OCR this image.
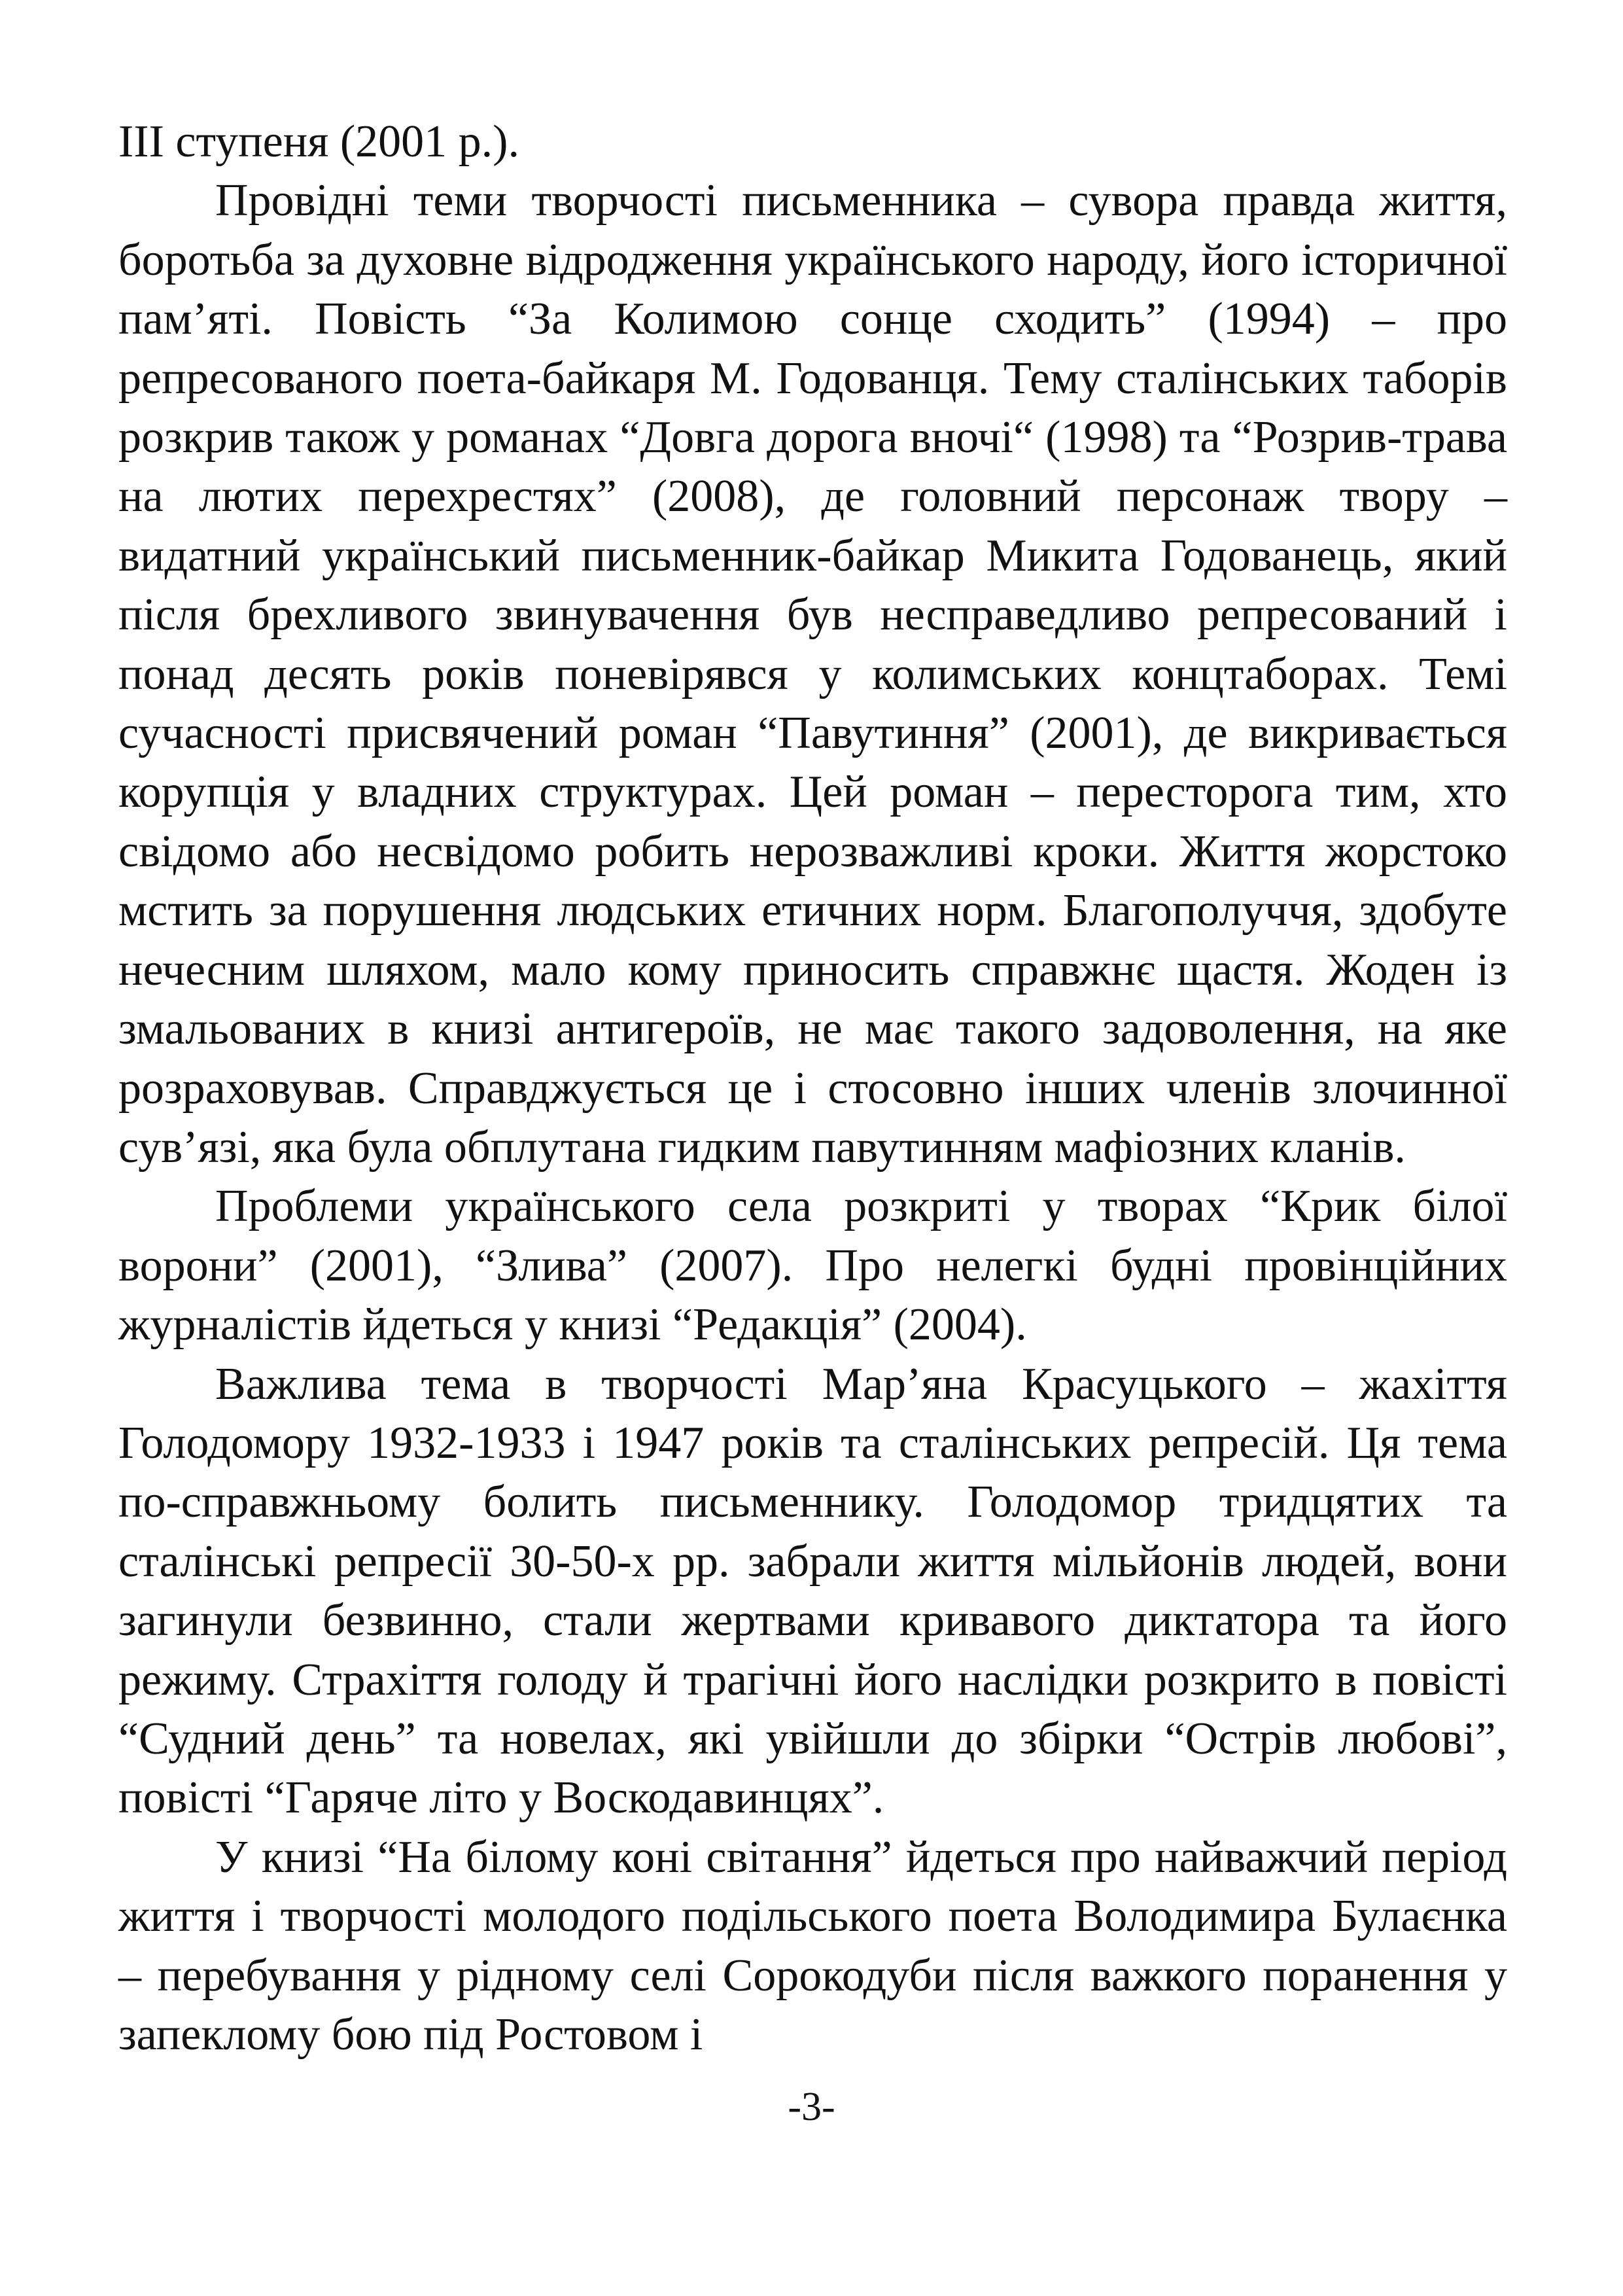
ІІІ ступеня (2001 р.).

Провідні теми творчості письменника – сувора правда життя, боротьба за духовне відродження українського народу, його історичної пам’яті. Повість “За Колимою сонце сходить” (1994) – про репресованого поета-байкаря М. Годованця. Тему сталінських таборів розкрив також у романах “Довга дорога вночі“ (1998) та “Розрив-трава на лютих перехрестях” (2008), де головний персонаж твору – видатний український письменник-байкар Микита Годованець, який після брехливого звинувачення був несправедливо репресований і понад десять років поневірявся у колимських концтаборах. Темі сучасності присвячений роман “Павутиння” (2001), де викривається корупція у владних структурах. Цей роман – пересторога тим, хто свідомо або несвідомо робить нерозважливі кроки. Життя жорстоко мстить за порушення людських етичних норм. Благополуччя, здобуте нечесним шляхом, мало кому приносить справжнє щастя. Жоден із змальованих в книзі антигероїв, не має такого задоволення, на яке розраховував. Справджується це і стосовно інших членів злочинної сув’язі, яка була обплутана гидким павутинням мафіозних кланів.

Проблеми українського села розкриті у творах “Крик білої ворони” (2001), “Злива” (2007). Про нелегкі будні провінційних журналістів йдеться у книзі “Редакція” (2004).

Важлива тема в творчості Мар’яна Красуцького – жахіття Голодомору 1932-1933 і 1947 років та сталінських репресій. Ця тема по-справжньому болить письменнику. Голодомор тридцятих та сталінські репресії 30-50-х рр. забрали життя мільйонів людей, вони загинули безвинно, стали жертвами кривавого диктатора та його режиму. Страхіття голоду й трагічні його наслідки розкрито в повісті “Судний день” та новелах, які увійшли до збірки “Острів любові”, повісті “Гаряче літо у Воскодавинцях”.

У книзі “На білому коні світання” йдеться про найважчий період життя і творчості молодого подільського поета Володимира Булаєнка – перебування у рідному селі Сорокодуби після важкого поранення у запеклому бою під Ростовом і

-3-
